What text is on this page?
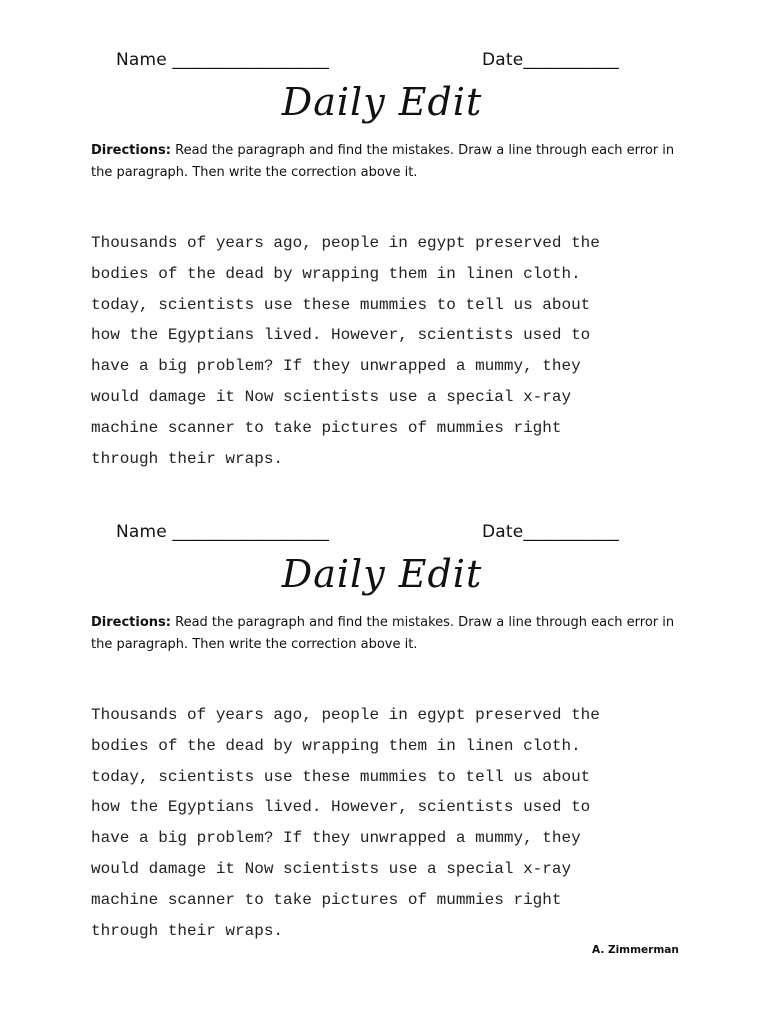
Name __________________	Date___________
Daily Edit

Directions: Read the paragraph and find the mistakes. Draw a line through each error in the paragraph. Then write the correction above it.

Thousands of years ago, people in egypt preserved the
bodies of the dead by wrapping them in linen cloth.
today, scientists use these mummies to tell us about
how the Egyptians lived. However, scientists used to
have a big problem? If they unwrapped a mummy, they
would damage it Now scientists use a special x-ray
machine scanner to take pictures of mummies right
through their wraps.
Name __________________	Date___________
Daily Edit

Directions: Read the paragraph and find the mistakes. Draw a line through each error in the paragraph. Then write the correction above it.

Thousands of years ago, people in egypt preserved the
bodies of the dead by wrapping them in linen cloth.
today, scientists use these mummies to tell us about
how the Egyptians lived. However, scientists used to
have a big problem? If they unwrapped a mummy, they
would damage it Now scientists use a special x-ray
machine scanner to take pictures of mummies right
through their wraps.
A. Zimmerman
